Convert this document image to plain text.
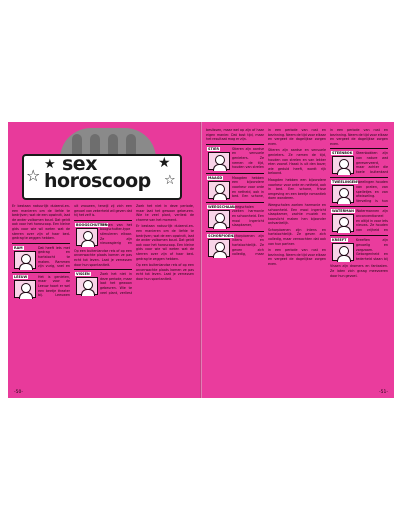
☆
★	★
☆
sex
horoscoop

Er bestaan natuurlijk duizend-en-een manieren om de liefde te bedrijven; wat de een opwindt, laat de ander volkomen koud. Dat geldt ook voor het horoscoop. Een kleine gids voor wie wil weten wat de sterren over zijn of haar bed-gedrag te zeggen hebben.

RAM	Dat heeft iets met gedrag en hartstocht te maken. Rammen zijn vurig, snel en
LEEUW	Het is genieten, maar voor de Leeuw hoort er wel een beetje theater bij. Leeuwen

uit vrouwen, terwijl zij zich een gevoel van zekerheid wil geven dat hij het zelf is.

BOOGSCHUTTER
Mensen van het boogschutter-type stimuleren elkaar. Ze zijn nieuwsgierig en

Op een buitenlandse reis of op een onverwachte plaats komen ze pas echt tot leven. Laat je verrassen door hun spontaniteit.

VISSEN	Zoek het niet in deze periode, maar laat het gewoon gebeuren. Wie te veel plant, verliest

Zoek het niet in deze periode, maar laat het gewoon gebeuren. Wie te veel plant, verliest de charme van het moment.

Er bestaan natuurlijk duizend-en-een manieren om de liefde te bedrijven; wat de een opwindt, laat de ander volkomen koud. Dat geldt ook voor het horoscoop. Een kleine gids voor wie wil weten wat de sterren over zijn of haar bed-gedrag te zeggen hebben.

Op een buitenlandse reis of op een onverwachte plaats komen ze pas echt tot leven. Laat je verrassen door hun spontaniteit.

-50-

beslissen, maar wel op zijn of haar eigen manier. Dat kost tijd, maar het resultaat mag er zijn.

STIER	Stieren zijn aardse en sensuele genieters. Ze nemen de tijd, houden van strelen
MAAGD	Maagden hebben een bijzondere voorkeur voor orde en netheid, ook in bed. Een schone,
WEEGSCHAAL
Weegschalen zoeken harmonie en schoonheid. Een mooi ingericht slaapkamer,
SCHORPIOEN
Schorpioenen zijn intens en hartstochtelijk. Ze geven zich volledig, maar

in een periode van rust en bezinning. Neem de tijd voor elkaar en vergeet de dagelijkse zorgen even.

Stieren zijn aardse en sensuele genieters. Ze nemen de tijd, houden van strelen en van lekker eten vooraf. Haast is uit den boze; wie geduld heeft, wordt rijk beloond.

Maagden hebben een bijzondere voorkeur voor orde en netheid, ook in bed. Een schone, frisse omgeving en een beetje romantiek doen wonderen.

Weegschalen zoeken harmonie en schoonheid. Een mooi ingericht slaapkamer, zachte muziek en kaarslicht maken hen bijzonder ontvankelijk.

Schorpioenen zijn intens en hartstochtelijk. Ze geven zich volledig, maar verwachten dat ook van hun partner.

in een periode van rust en bezinning. Neem de tijd voor elkaar en vergeet de dagelijkse zorgen even.

in een periode van rust en bezinning. Neem de tijd voor elkaar en vergeet de dagelijkse zorgen even.

STEENBOK	Steenbokken zijn van nature wat gereserveerd, maar achter die koele buitenkant
TWEELINGEN Tweelingen houden van praten, van spelletjes en van afwisseling. Verveling is hun
WATERMAN Watermannen zijn onconventioneel en altijd in voor iets nieuws. Ze houden van vrijheid en
KREEFT	Kreeften zijn gevoelig en zorgzaam. Geborgenheid en tederheid staan bij

Vissen zijn dromers en fantasten. Ze laten zich graag meevoeren door hun gevoel.

-51-
